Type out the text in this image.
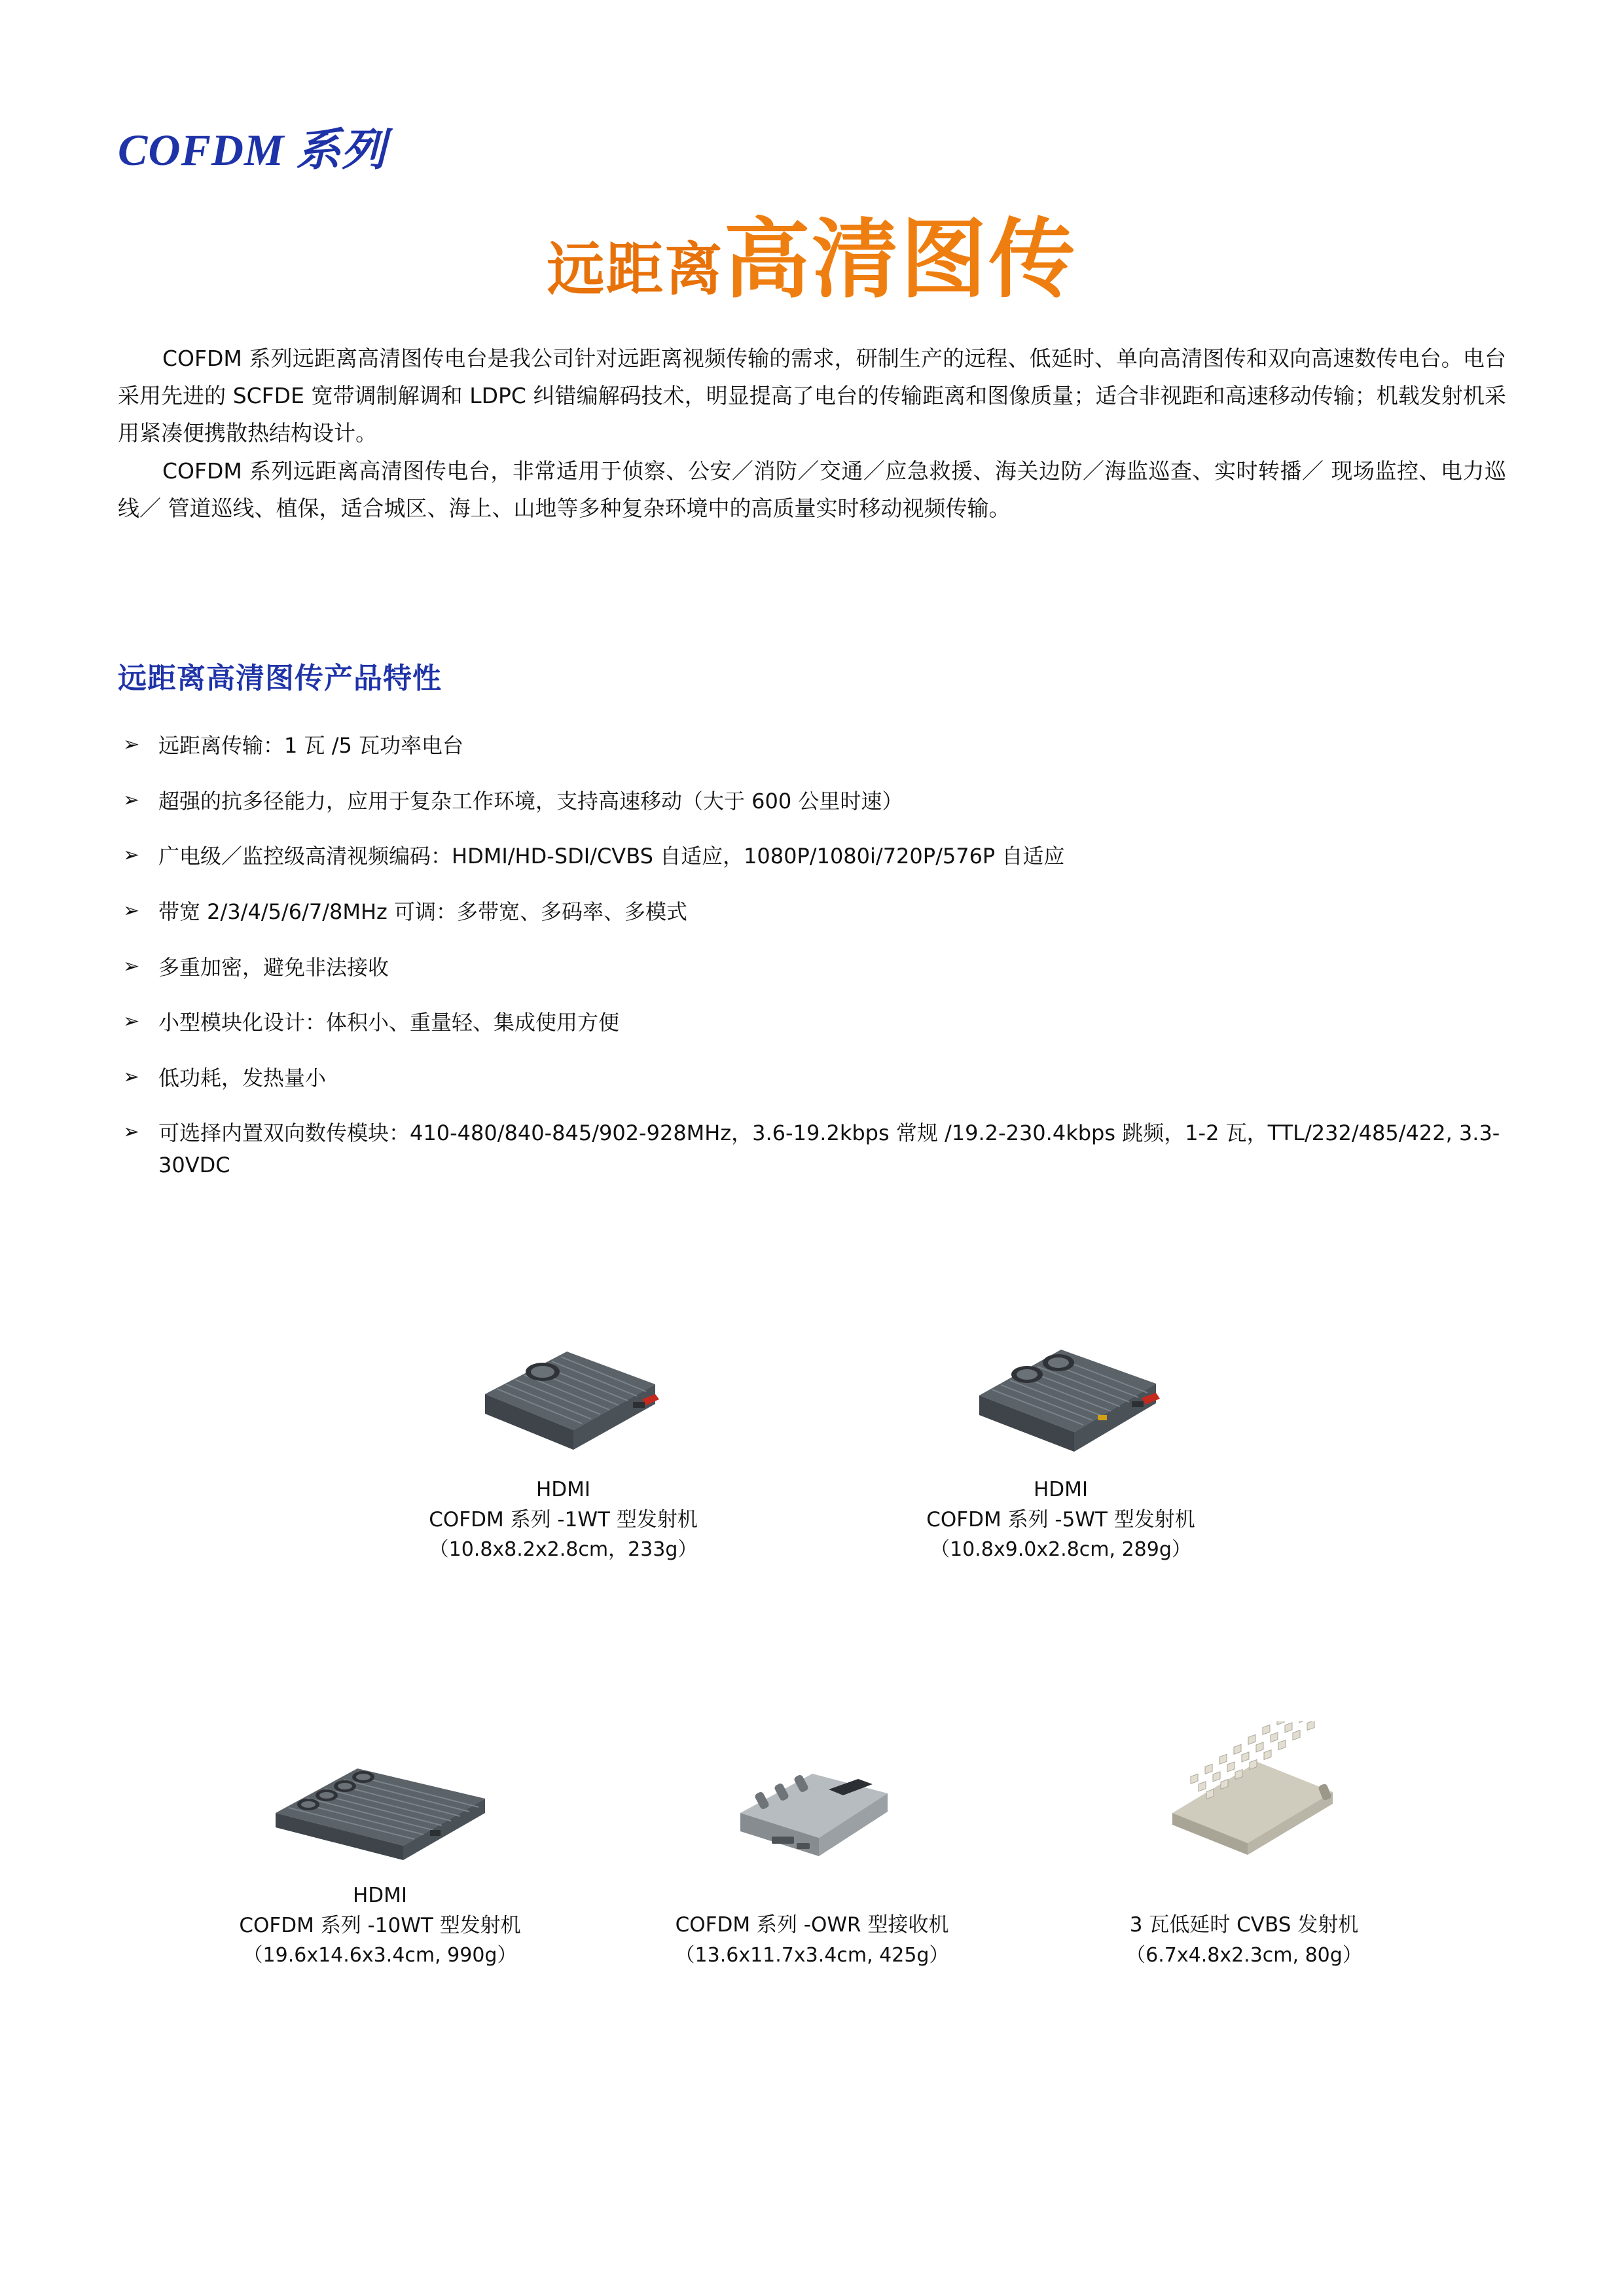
COFDM 系列
远距离高清图传

COFDM 系列远距离高清图传电台是我公司针对远距离视频传输的需求，研制生产的远程、低延时、单向高清图传和双向高速数传电台。电台采用先进的 SCFDE 宽带调制解调和 LDPC 纠错编解码技术，明显提高了电台的传输距离和图像质量；适合非视距和高速移动传输；机载发射机采用紧凑便携散热结构设计。

COFDM 系列远距离高清图传电台，非常适用于侦察、公安／消防／交通／应急救援、海关边防／海监巡查、实时转播／ 现场监控、电力巡线／ 管道巡线、植保，适合城区、海上、山地等多种复杂环境中的高质量实时移动视频传输。

远距离高清图传产品特性
➢ 远距离传输：1 瓦 /5 瓦功率电台
➢ 超强的抗多径能力，应用于复杂工作环境，支持高速移动（大于 600 公里时速）
➢ 广电级／监控级高清视频编码：HDMI/HD-SDI/CVBS 自适应，1080P/1080ⅰ/720P/576P 自适应
➢ 带宽 2/3/4/5/6/7/8MHz 可调：多带宽、多码率、多模式
➢ 多重加密，避免非法接收
➢ 小型模块化设计：体积小、重量轻、集成使用方便
➢ 低功耗，发热量小
➢ 可选择内置双向数传模块：410-480/840-845/902-928MHz，3.6-19.2kbps 常规 /19.2-230.4kbps 跳频，1-2 瓦，TTL/232/485/422, 3.3-30VDC
HDMI
COFDM 系列 -1WT 型发射机
（10.8x8.2x2.8cm，233g）
HDMI
COFDM 系列 -5WT 型发射机
（10.8x9.0x2.8cm, 289g）
HDMI
COFDM 系列 -10WT 型发射机
（19.6x14.6x3.4cm, 990g）
COFDM 系列 -OWR 型接收机
（13.6x11.7x3.4cm, 425g）
3 瓦低延时 CVBS 发射机
（6.7x4.8x2.3cm, 80g）
